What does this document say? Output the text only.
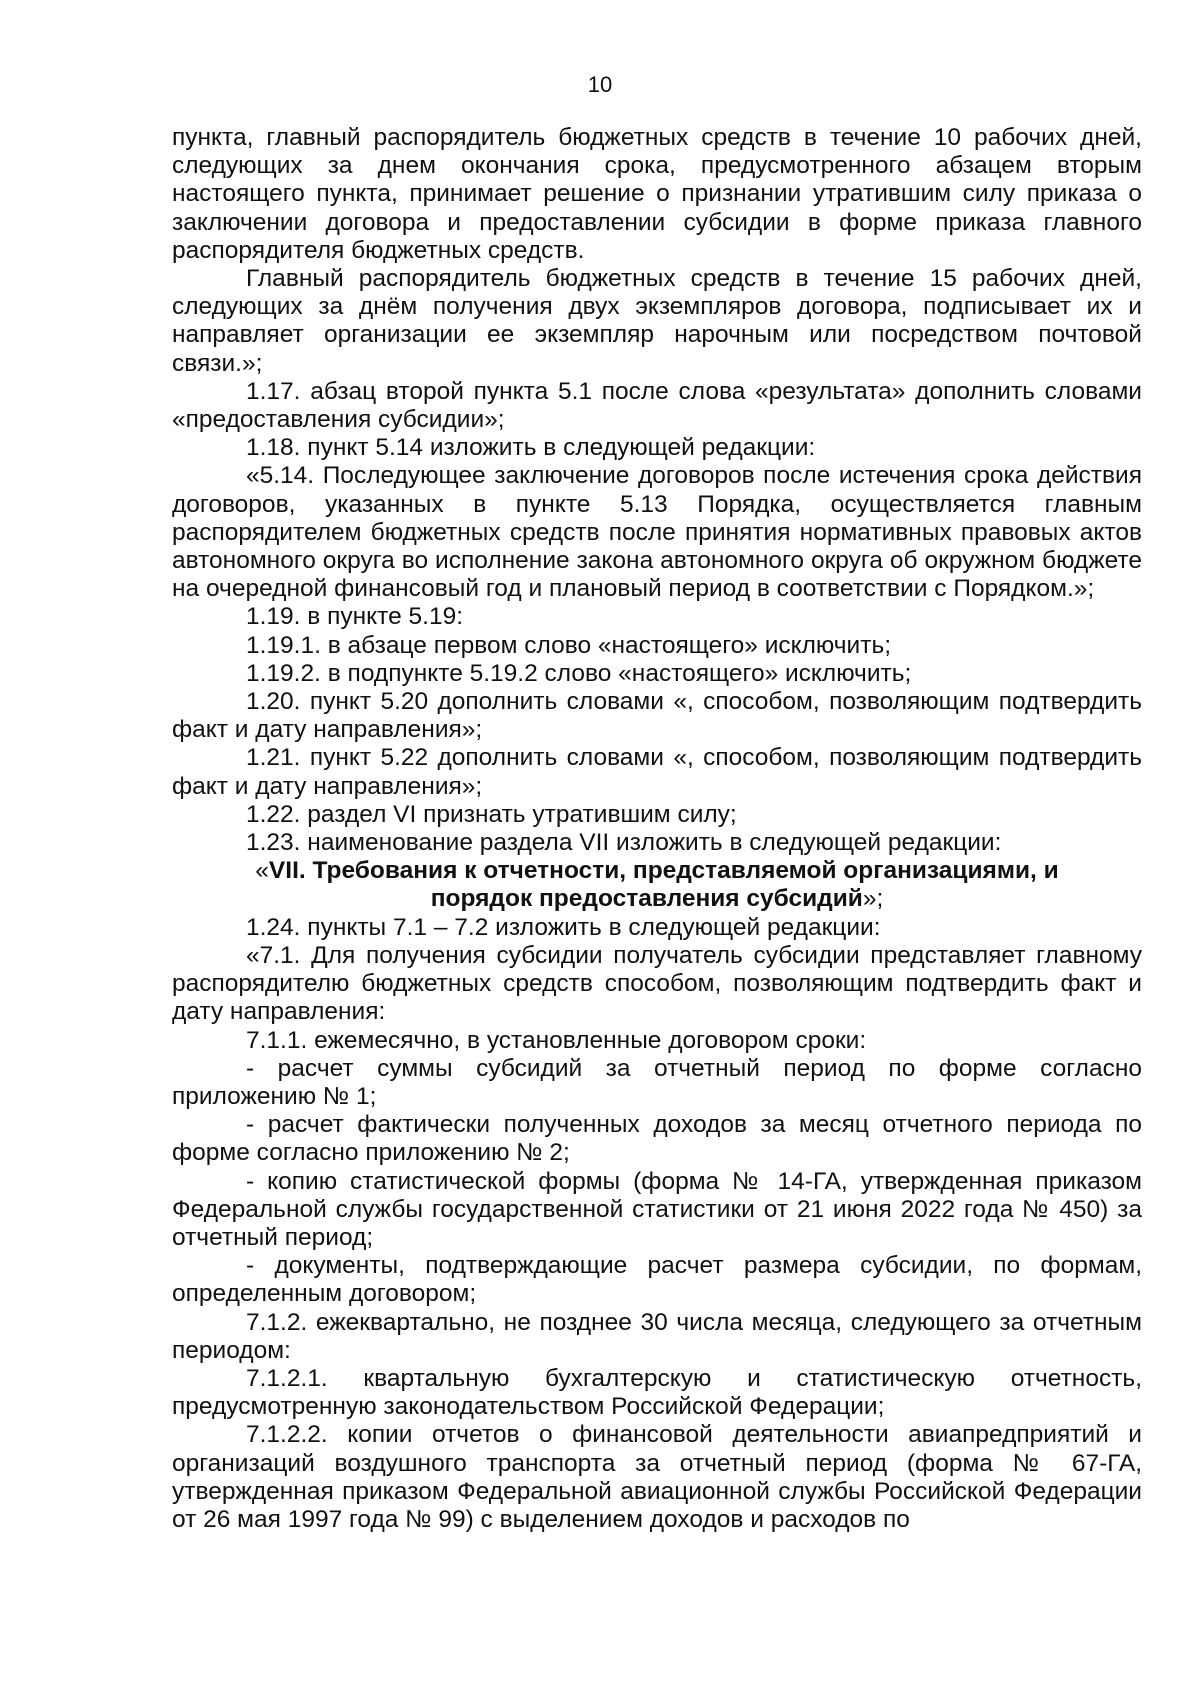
10

пункта, главный распорядитель бюджетных средств в течение 10 рабочих дней, следующих за днем окончания срока, предусмотренного абзацем вторым настоящего пункта, принимает решение о признании утратившим силу приказа о заключении договора и предоставлении субсидии в форме приказа главного распорядителя бюджетных средств.

Главный распорядитель бюджетных средств в течение 15 рабочих дней, следующих за днём получения двух экземпляров договора, подписывает их и направляет организации ее экземпляр нарочным или посредством почтовой связи.»;

1.17. абзац второй пункта 5.1 после слова «результата» дополнить словами «предоставления субсидии»;

1.18. пункт 5.14 изложить в следующей редакции:

«5.14. Последующее заключение договоров после истечения срока действия договоров, указанных в пункте 5.13 Порядка, осуществляется главным распорядителем бюджетных средств после принятия нормативных правовых актов автономного округа во исполнение закона автономного округа об окружном бюджете на очередной финансовый год и плановый период в соответствии с Порядком.»;

1.19. в пункте 5.19:

1.19.1. в абзаце первом слово «настоящего» исключить;

1.19.2. в подпункте 5.19.2 слово «настоящего» исключить;

1.20. пункт 5.20 дополнить словами «, способом, позволяющим подтвердить факт и дату направления»;

1.21. пункт 5.22 дополнить словами «, способом, позволяющим подтвердить факт и дату направления»;

1.22. раздел VI признать утратившим силу;

1.23. наименование раздела VII изложить в следующей редакции:

«VII. Требования к отчетности, представляемой организациями, и порядок предоставления субсидий»;

1.24. пункты 7.1 – 7.2 изложить в следующей редакции:

«7.1. Для получения субсидии получатель субсидии представляет главному распорядителю бюджетных средств способом, позволяющим подтвердить факт и дату направления:

7.1.1. ежемесячно, в установленные договором сроки:

- расчет суммы субсидий за отчетный период по форме согласно приложению № 1;

- расчет фактически полученных доходов за месяц отчетного периода по форме согласно приложению № 2;

- копию статистической формы (форма № 14-ГА, утвержденная приказом Федеральной службы государственной статистики от 21 июня 2022 года № 450) за отчетный период;

- документы, подтверждающие расчет размера субсидии, по формам, определенным договором;

7.1.2. ежеквартально, не позднее 30 числа месяца, следующего за отчетным периодом:

7.1.2.1. квартальную бухгалтерскую и статистическую отчетность, предусмотренную законодательством Российской Федерации;

7.1.2.2. копии отчетов о финансовой деятельности авиапредприятий и организаций воздушного транспорта за отчетный период (форма № 67-ГА, утвержденная приказом Федеральной авиационной службы Российской Федерации от 26 мая 1997 года № 99) с выделением доходов и расходов по
